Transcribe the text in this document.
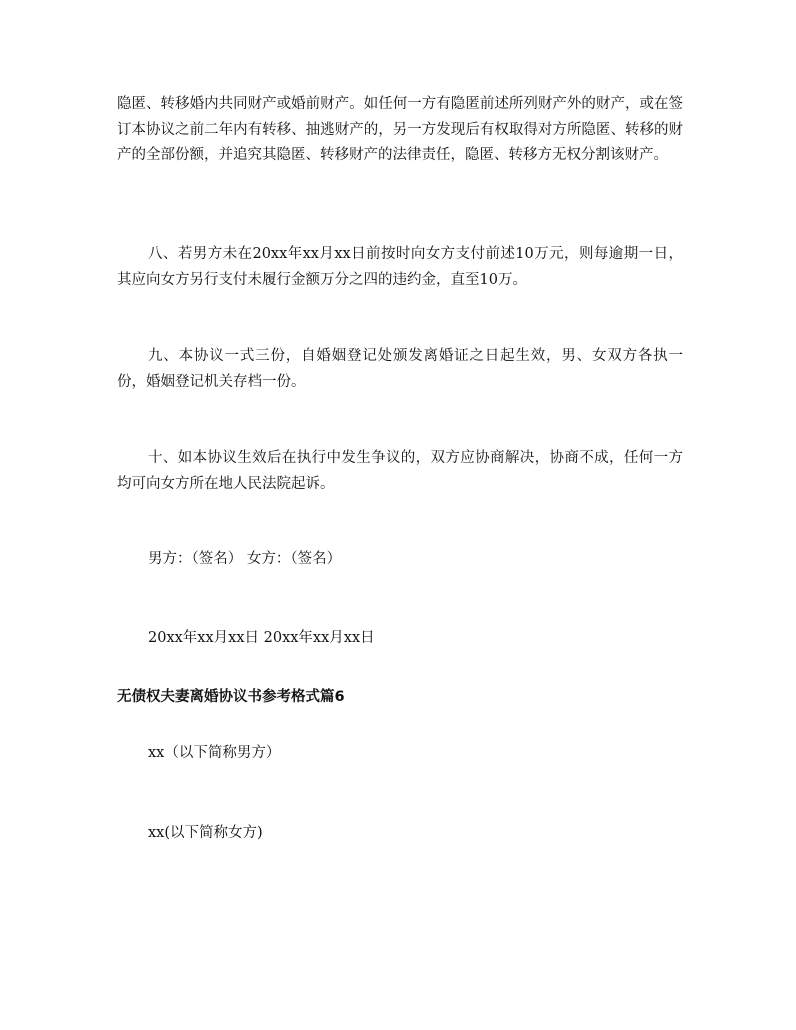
隐匿、转移婚内共同财产或婚前财产。如任何一方有隐匿前述所列财产外的财产，或在签订本协议之前二年内有转移、抽逃财产的，另一方发现后有权取得对方所隐匿、转移的财产的全部份额，并追究其隐匿、转移财产的法律责任，隐匿、转移方无权分割该财产。

八、若男方未在20xx年xx月xx日前按时向女方支付前述10万元，则每逾期一日，其应向女方另行支付未履行金额万分之四的违约金，直至10万。

九、本协议一式三份，自婚姻登记处颁发离婚证之日起生效，男、女双方各执一份，婚姻登记机关存档一份。

十、如本协议生效后在执行中发生争议的，双方应协商解决，协商不成，任何一方均可向女方所在地人民法院起诉。

男方：（签名） 女方：（签名）

20xx年xx月xx日 20xx年xx月xx日

无债权夫妻离婚协议书参考格式篇6

xx（以下简称男方）

xx(以下简称女方)
